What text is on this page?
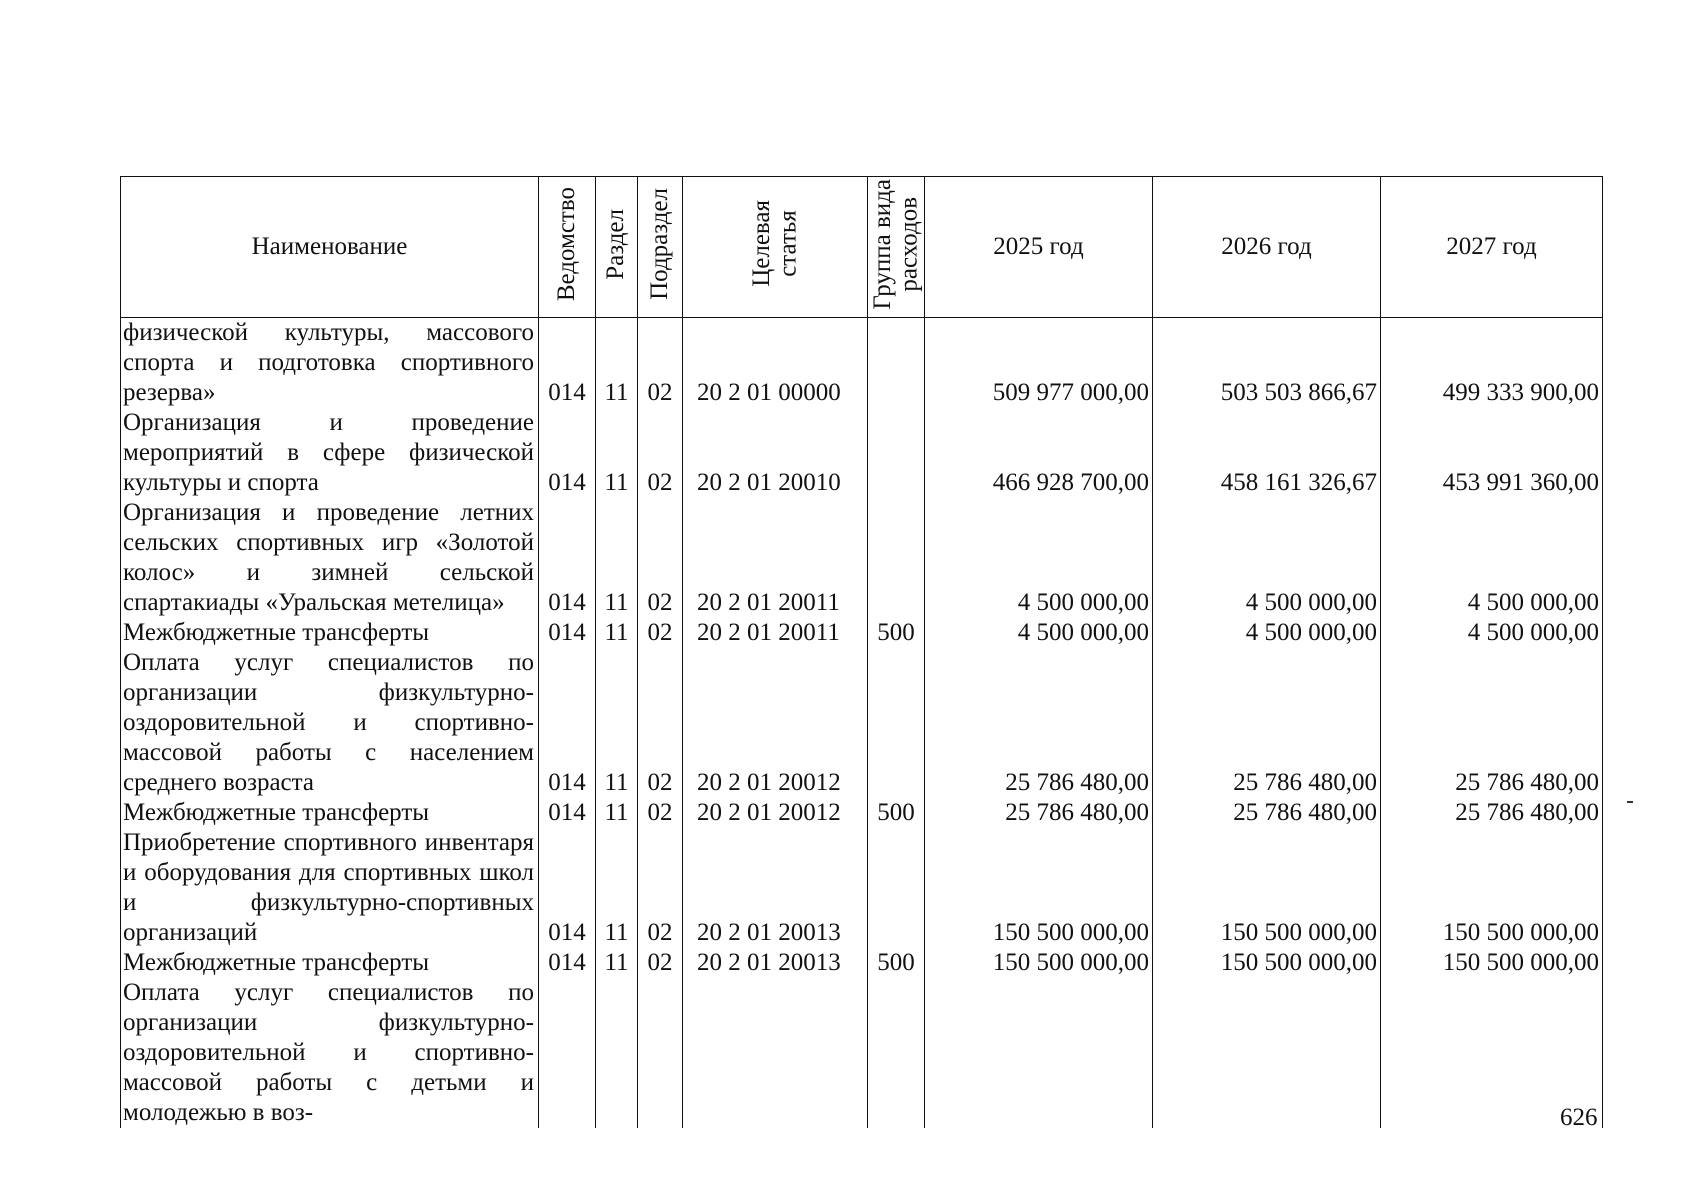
Наименование	Ведомство	Раздел	Подраздел	Целевая
статья	Группа вида
расходов	2025 год	2026 год	2027 год
физической культуры, массового спорта и подготовка спортивного резерва»	014	11	02	20 2 01 00000		509 977 000,00	503 503 866,67	499 333 900,00
Организация и проведение мероприятий в сфере физической культуры и спорта	014	11	02	20 2 01 20010		466 928 700,00	458 161 326,67	453 991 360,00
Организация и проведение летних сельских спортивных игр «Золотой колос» и зимней сельской спартакиады «Уральская метелица»	014	11	02	20 2 01 20011		4 500 000,00	4 500 000,00	4 500 000,00
Межбюджетные трансферты	014	11	02	20 2 01 20011	500	4 500 000,00	4 500 000,00	4 500 000,00
Оплата услуг специалистов по организации физкультурно-оздоровительной и спортивно-массовой работы с населением среднего возраста	014	11	02	20 2 01 20012		25 786 480,00	25 786 480,00	25 786 480,00
Межбюджетные трансферты	014	11	02	20 2 01 20012	500	25 786 480,00	25 786 480,00	25 786 480,00
Приобретение спортивного инвентаря и оборудования для спортивных школ и физкультурно-спортивных организаций	014	11	02	20 2 01 20013		150 500 000,00	150 500 000,00	150 500 000,00
Межбюджетные трансферты	014	11	02	20 2 01 20013	500	150 500 000,00	150 500 000,00	150 500 000,00
Оплата услуг специалистов по организации физкультурно-оздоровительной и спортивно-массовой работы с детьми и молодежью в воз-									626
